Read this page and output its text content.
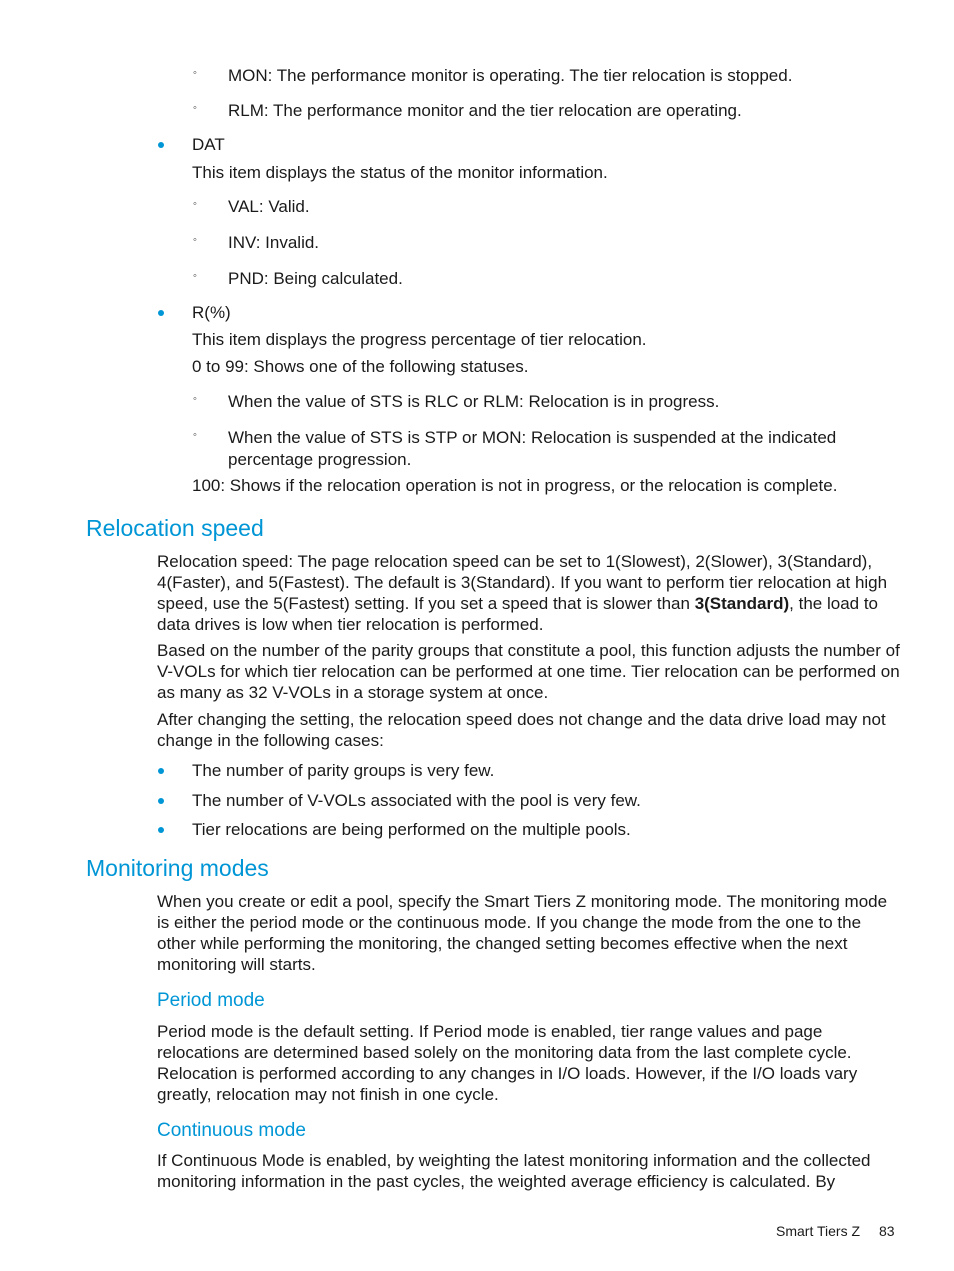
◦ MON: The performance monitor is operating. The tier relocation is stopped.
◦ RLM: The performance monitor and the tier relocation are operating.
DAT
This item displays the status of the monitor information.
◦ VAL: Valid.
◦ INV: Invalid.
◦ PND: Being calculated.
R(%)
This item displays the progress percentage of tier relocation.
0 to 99: Shows one of the following statuses.
◦ When the value of STS is RLC or RLM: Relocation is in progress.
◦ When the value of STS is STP or MON: Relocation is suspended at the indicated
percentage progression.
100: Shows if the relocation operation is not in progress, or the relocation is complete.
Relocation speed
Relocation speed: The page relocation speed can be set to 1(Slowest), 2(Slower), 3(Standard), 4(Faster), and 5(Fastest). The default is 3(Standard). If you want to perform tier relocation at high speed, use the 5(Fastest) setting. If you set a speed that is slower than 3(Standard), the load to data drives is low when tier relocation is performed.
Based on the number of the parity groups that constitute a pool, this function adjusts the number of V-VOLs for which tier relocation can be performed at one time. Tier relocation can be performed on as many as 32 V-VOLs in a storage system at once.
After changing the setting, the relocation speed does not change and the data drive load may not change in the following cases:
The number of parity groups is very few.
The number of V-VOLs associated with the pool is very few.
Tier relocations are being performed on the multiple pools.
Monitoring modes
When you create or edit a pool, specify the Smart Tiers Z monitoring mode. The monitoring mode is either the period mode or the continuous mode. If you change the mode from the one to the other while performing the monitoring, the changed setting becomes effective when the next monitoring will starts.
Period mode
Period mode is the default setting. If Period mode is enabled, tier range values and page relocations are determined based solely on the monitoring data from the last complete cycle. Relocation is performed according to any changes in I/O loads. However, if the I/O loads vary greatly, relocation may not finish in one cycle.
Continuous mode
If Continuous Mode is enabled, by weighting the latest monitoring information and the collected monitoring information in the past cycles, the weighted average efficiency is calculated. By
Smart Tiers Z 83
